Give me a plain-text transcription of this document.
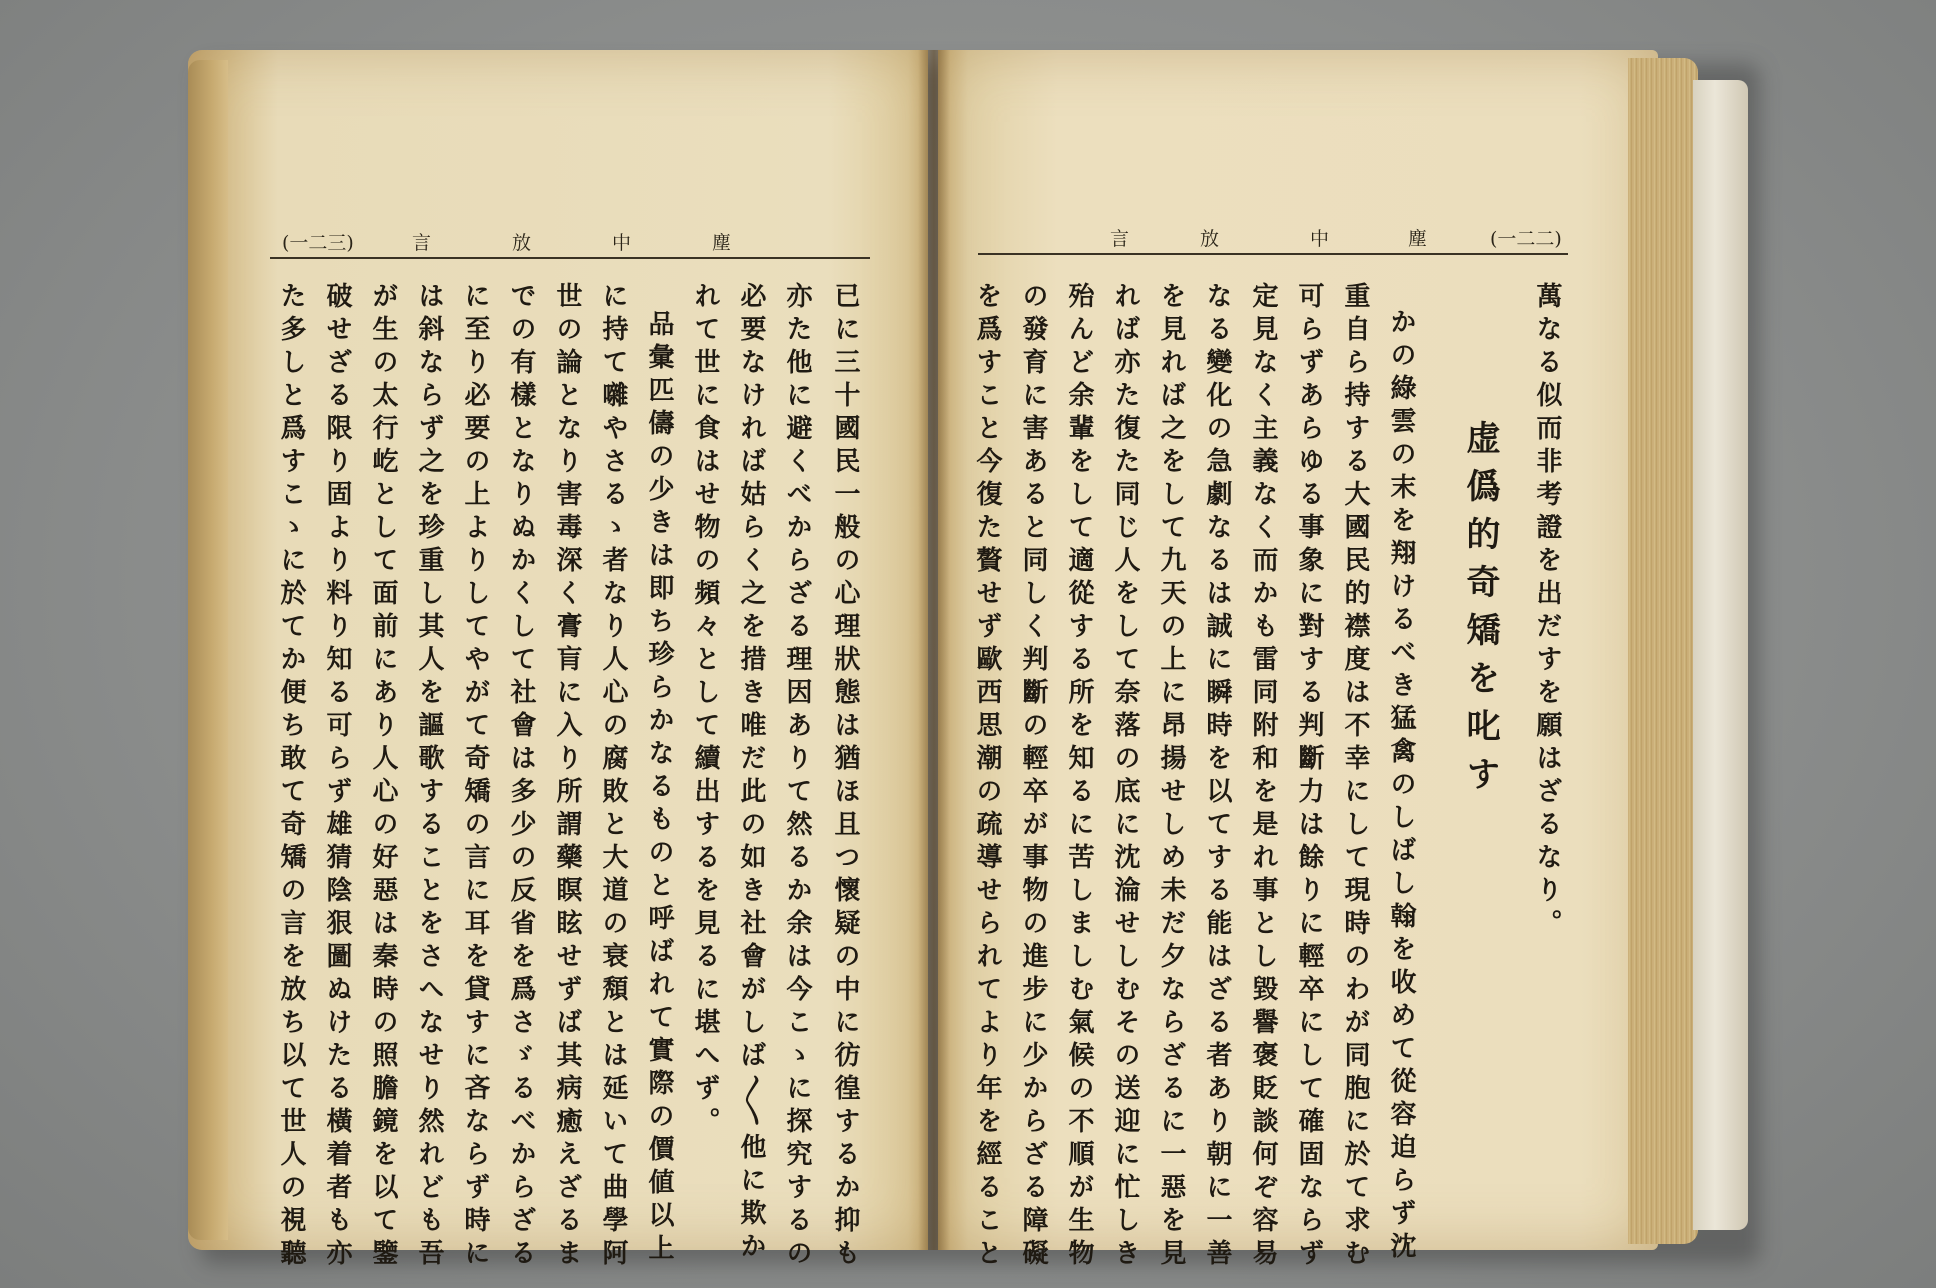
(一二三)	言	放	中	塵
已に三十國民一般の心理狀態は猶ほ且つ懷疑の中に彷徨するか抑も
亦た他に避くべからざる理因ありて然るか余は今こゝに探究するの
必要なければ姑らく之を措き唯だ此の如き社會がしば〱他に欺か
れて世に食はせ物の頻々として續出するを見るに堪へず。
品彙匹儔の少きは即ち珍らかなるものと呼ばれて實際の價値以上
に持て囃やさるゝ者なり人心の腐敗と大道の衰頽とは延いて曲學阿
世の論となり害毒深く膏肓に入り所謂藥瞑眩せずば其病癒えざるま
での有樣となりぬかくして社會は多少の反省を爲さゞるべからざる
に至り必要の上よりしてやがて奇矯の言に耳を貸すに吝ならず時に
は斜ならず之を珍重し其人を謳歌することをさへなせり然れども吾
が生の太行屹として面前にあり人心の好惡は秦時の照膽鏡を以て鑒
破せざる限り固より料り知る可らず雄猜陰狠圖ぬけたる橫着者も亦
た多しと爲すこゝに於てか便ち敢て奇矯の言を放ち以て世人の視聽
言	放	中	塵	(一二二)
萬なる似而非考證を出だすを願はざるなり。
虚僞的奇矯を叱す
かの綠雲の末を翔けるべき猛禽のしばし翰を收めて從容迫らず沈
重自ら持する大國民的襟度は不幸にして現時のわが同胞に於て求む
可らずあらゆる事象に對する判斷力は餘りに輕卒にして確固ならず
定見なく主義なく而かも雷同附和を是れ事とし毀譽褒貶談何ぞ容易
なる變化の急劇なるは誠に瞬時を以てする能はざる者あり朝に一善
を見れば之をして九天の上に昂揚せしめ未だ夕ならざるに一惡を見
れば亦た復た同じ人をして奈落の底に沈淪せしむその送迎に忙しき
殆んど余輩をして適從する所を知るに苦しましむ氣候の不順が生物
の發育に害あると同しく判斷の輕卒が事物の進步に少からざる障礙
を爲すこと今復た贅せず歐西思潮の疏導せられてより年を經ること
